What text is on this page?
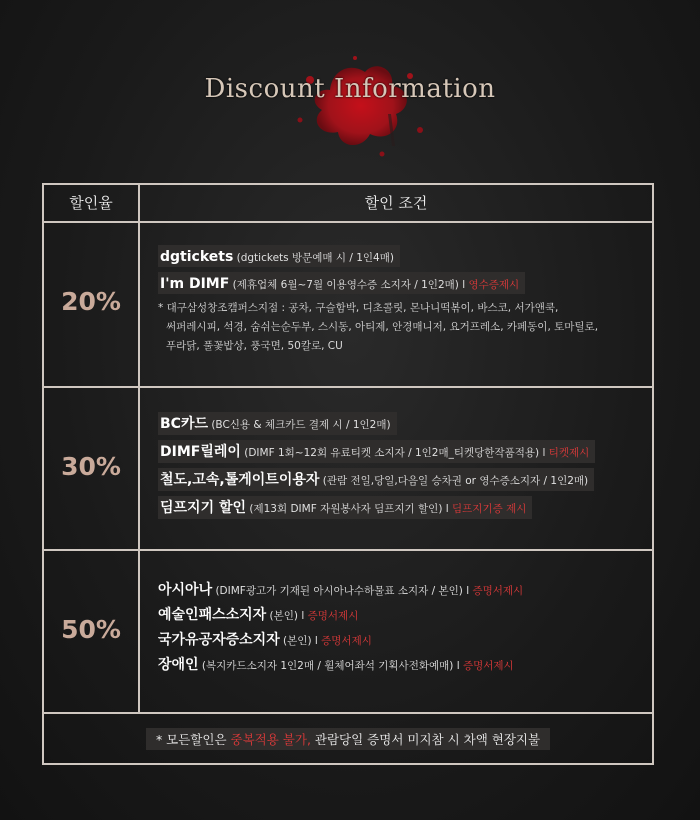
Discount Information
할인율	할인 조건
20%
dgtickets (dgtickets 방문예매 시 / 1인4매)
I'm DIMF (제휴업체 6월~7월 이용영수증 소지자 / 1인2매) l 영수증제시
* 대구삼성창조캠퍼스지점 : 공차, 구슬함박, 디초콜릿, 몬나니떡볶이, 바스코, 서가앤쿡,
써퍼레시피, 석경, 숨쉬는순두부, 스시동, 아티제, 안경매니저, 요거프레소, 카페동이, 토마틸로,
푸라닭, 풀꽃밥상, 풍국면, 50칼로, CU
30%
BC카드 (BC신용 & 체크카드 결제 시 / 1인2매)
DIMF릴레이 (DIMF 1회~12회 유료티켓 소지자 / 1인2매_티켓당한작품적용) l 티켓제시
철도,고속,톨게이트이용자 (관람 전일,당일,다음일 승차권 or 영수증소지자 / 1인2매)
딤프지기 할인 (제13회 DIMF 자원봉사자 딤프지기 할인) l 딤프지기증 제시
50%
아시아나 (DIMF광고가 기재된 아시아나수하물표 소지자 / 본인) l 증명서제시
예술인패스소지자 (본인) l 증명서제시
국가유공자증소지자 (본인) l 증명서제시
장애인 (복지카드소지자 1인2매 / 휠체어좌석 기획사전화예매) l 증명서제시
* 모든할인은 중복적용 불가, 관람당일 증명서 미지참 시 차액 현장지불
